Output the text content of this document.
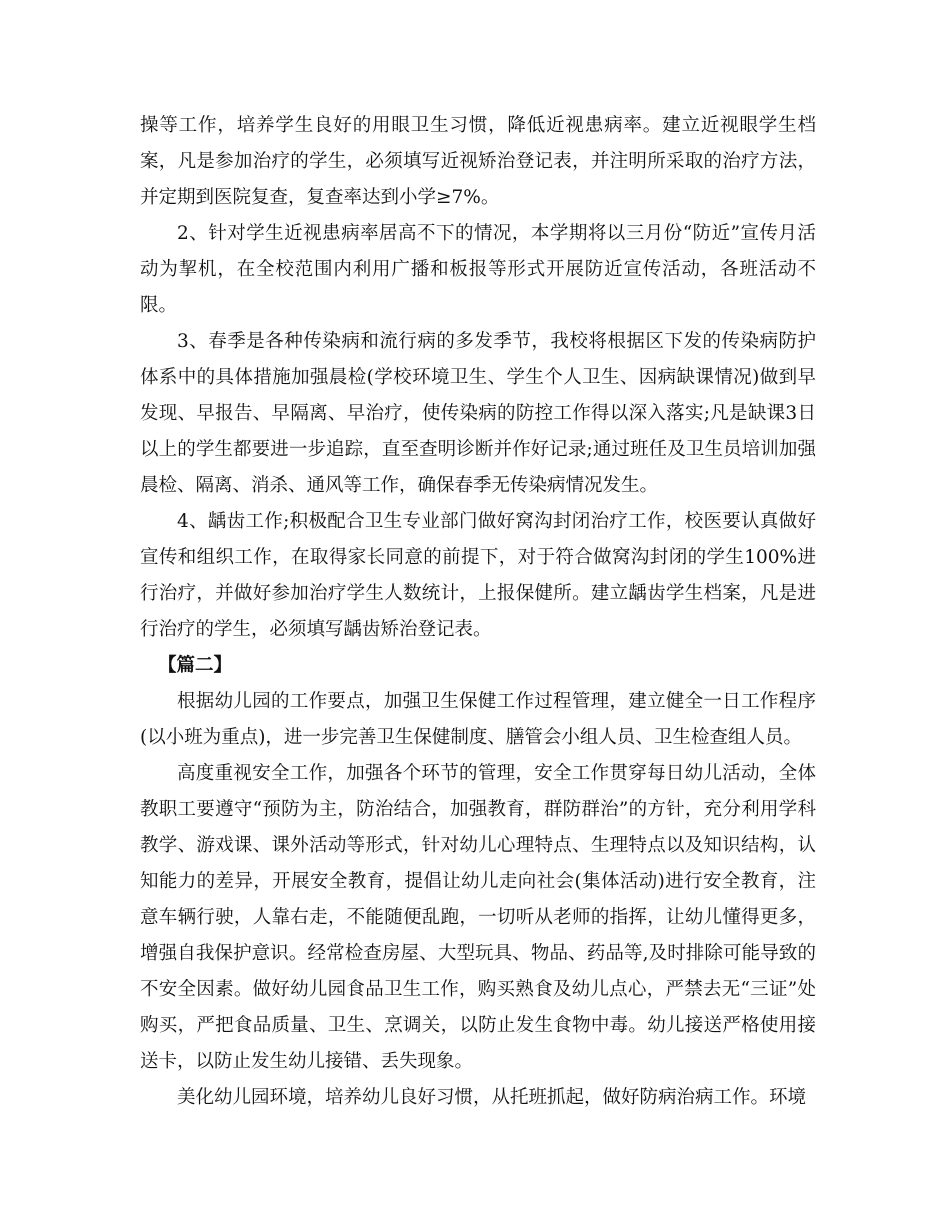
操等工作，培养学生良好的用眼卫生习惯，降低近视患病率。建立近视眼学生档案，凡是参加治疗的学生，必须填写近视矫治登记表，并注明所采取的治疗方法，并定期到医院复查，复查率达到小学≥7%。

2、针对学生近视患病率居高不下的情况，本学期将以三月份“防近”宣传月活动为挈机，在全校范围内利用广播和板报等形式开展防近宣传活动，各班活动不限。

3、春季是各种传染病和流行病的多发季节，我校将根据区下发的传染病防护体系中的具体措施加强晨检(学校环境卫生、学生个人卫生、因病缺课情况)做到早发现、早报告、早隔离、早治疗，使传染病的防控工作得以深入落实;凡是缺课3日以上的学生都要进一步追踪，直至查明诊断并作好记录;通过班任及卫生员培训加强晨检、隔离、消杀、通风等工作，确保春季无传染病情况发生。

4、龋齿工作;积极配合卫生专业部门做好窝沟封闭治疗工作，校医要认真做好宣传和组织工作，在取得家长同意的前提下，对于符合做窝沟封闭的学生100%进行治疗，并做好参加治疗学生人数统计，上报保健所。建立龋齿学生档案，凡是进行治疗的学生，必须填写龋齿矫治登记表。

【篇二】

根据幼儿园的工作要点，加强卫生保健工作过程管理，建立健全一日工作程序(以小班为重点)，进一步完善卫生保健制度、膳管会小组人员、卫生检查组人员。

高度重视安全工作，加强各个环节的管理，安全工作贯穿每日幼儿活动，全体教职工要遵守“预防为主，防治结合，加强教育，群防群治”的方针，充分利用学科教学、游戏课、课外活动等形式，针对幼儿心理特点、生理特点以及知识结构，认知能力的差异，开展安全教育，提倡让幼儿走向社会(集体活动)进行安全教育，注意车辆行驶，人靠右走，不能随便乱跑，一切听从老师的指挥，让幼儿懂得更多，增强自我保护意识。经常检查房屋、大型玩具、物品、药品等,及时排除可能导致的不安全因素。做好幼儿园食品卫生工作，购买熟食及幼儿点心，严禁去无“三证”处购买，严把食品质量、卫生、烹调关，以防止发生食物中毒。幼儿接送严格使用接送卡，以防止发生幼儿接错、丢失现象。

美化幼儿园环境，培养幼儿良好习惯，从托班抓起，做好防病治病工作。环境
